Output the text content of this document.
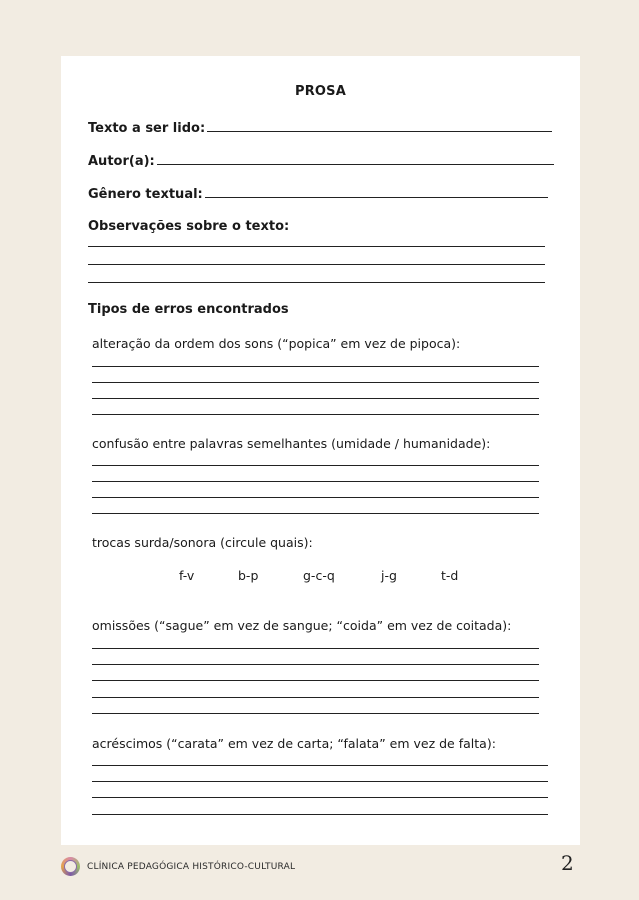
PROSA
Texto a ser lido:
Autor(a):
Gênero textual:
Observações sobre o texto:
Tipos de erros encontrados
alteração da ordem dos sons (“popica” em vez de pipoca):
confusão entre palavras semelhantes (umidade / humanidade):
trocas surda/sonora (circule quais):
f-v	b-p	g-c-q	j-g	t-d
omissões (“sague” em vez de sangue; “coida” em vez de coitada):
acréscimos (“carata” em vez de carta; “falata” em vez de falta):
CLÍNICA PEDAGÓGICA HISTÓRICO-CULTURAL	2
